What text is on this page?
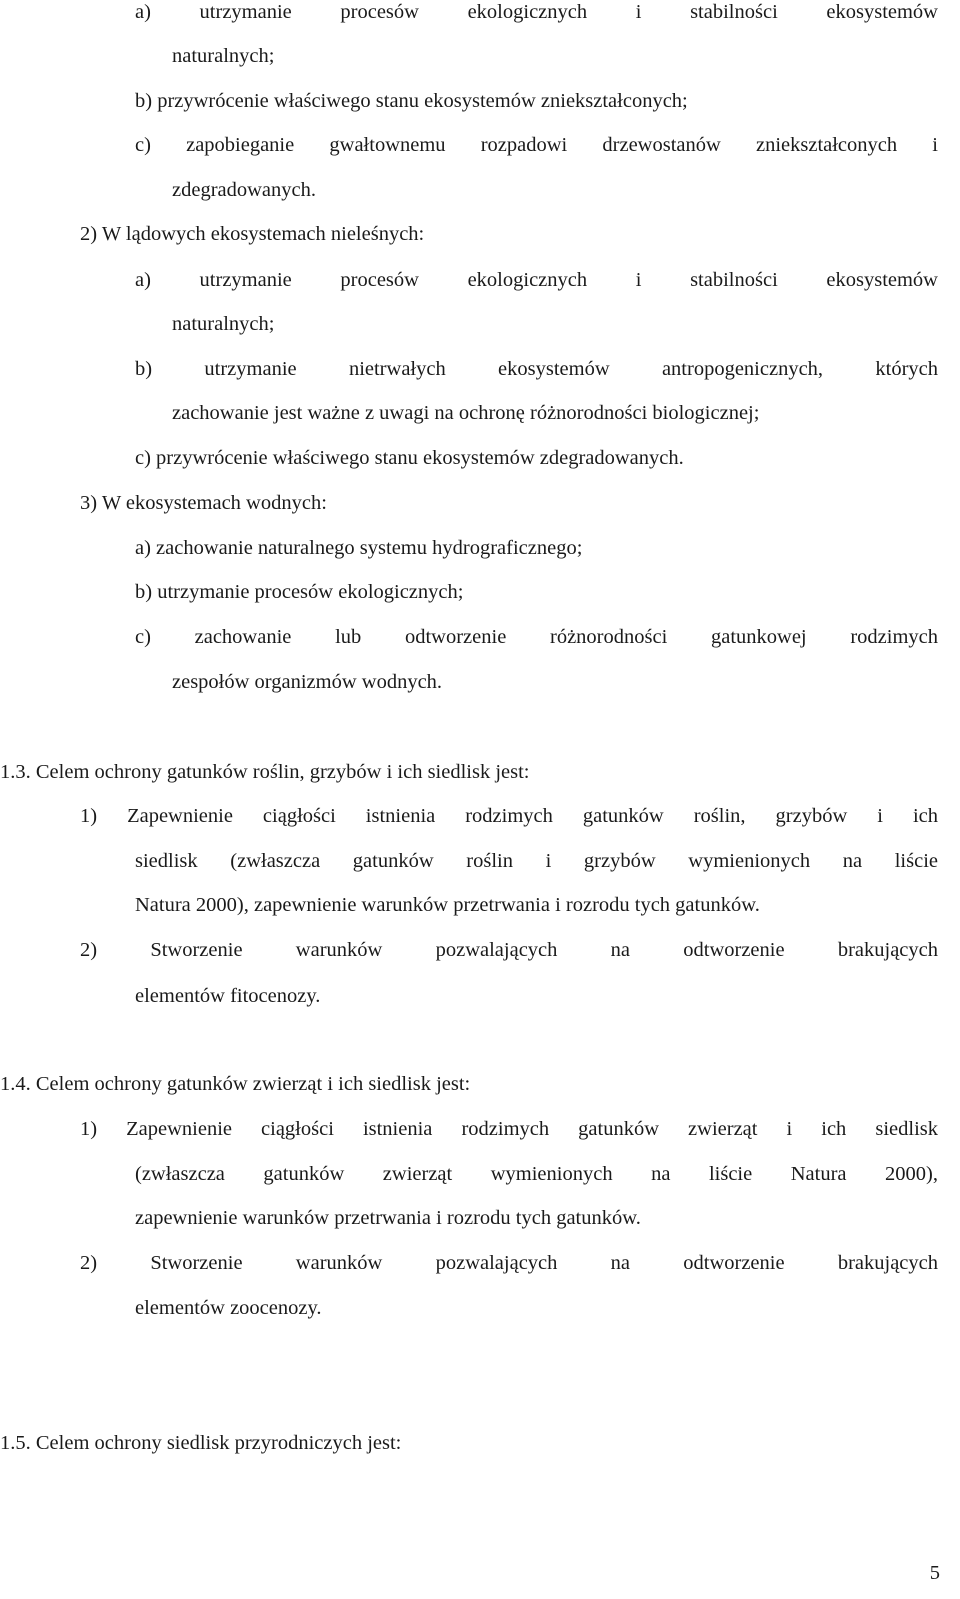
a) utrzymanie procesów ekologicznych i stabilności ekosystemów
naturalnych;
b) przywrócenie właściwego stanu ekosystemów zniekształconych;
c) zapobieganie gwałtownemu rozpadowi drzewostanów zniekształconych i
zdegradowanych.
2) W lądowych ekosystemach nieleśnych:
a) utrzymanie procesów ekologicznych i stabilności ekosystemów
naturalnych;
b) utrzymanie nietrwałych ekosystemów antropogenicznych, których
zachowanie jest ważne z uwagi na ochronę różnorodności biologicznej;
c) przywrócenie właściwego stanu ekosystemów zdegradowanych.
3) W ekosystemach wodnych:
a) zachowanie naturalnego systemu hydrograficznego;
b) utrzymanie procesów ekologicznych;
c) zachowanie lub odtworzenie różnorodności gatunkowej rodzimych
zespołów organizmów wodnych.
1.3. Celem ochrony gatunków roślin, grzybów i ich siedlisk jest:
1) Zapewnienie ciągłości istnienia rodzimych gatunków roślin, grzybów i ich
siedlisk (zwłaszcza gatunków roślin i grzybów wymienionych na liście
Natura 2000), zapewnienie warunków przetrwania i rozrodu tych gatunków.
2) Stworzenie warunków pozwalających na odtworzenie brakujących
elementów fitocenozy.
1.4. Celem ochrony gatunków zwierząt i ich siedlisk jest:
1) Zapewnienie ciągłości istnienia rodzimych gatunków zwierząt i ich siedlisk
(zwłaszcza gatunków zwierząt wymienionych na liście Natura 2000),
zapewnienie warunków przetrwania i rozrodu tych gatunków.
2) Stworzenie warunków pozwalających na odtworzenie brakujących
elementów zoocenozy.
1.5. Celem ochrony siedlisk przyrodniczych jest:
5
